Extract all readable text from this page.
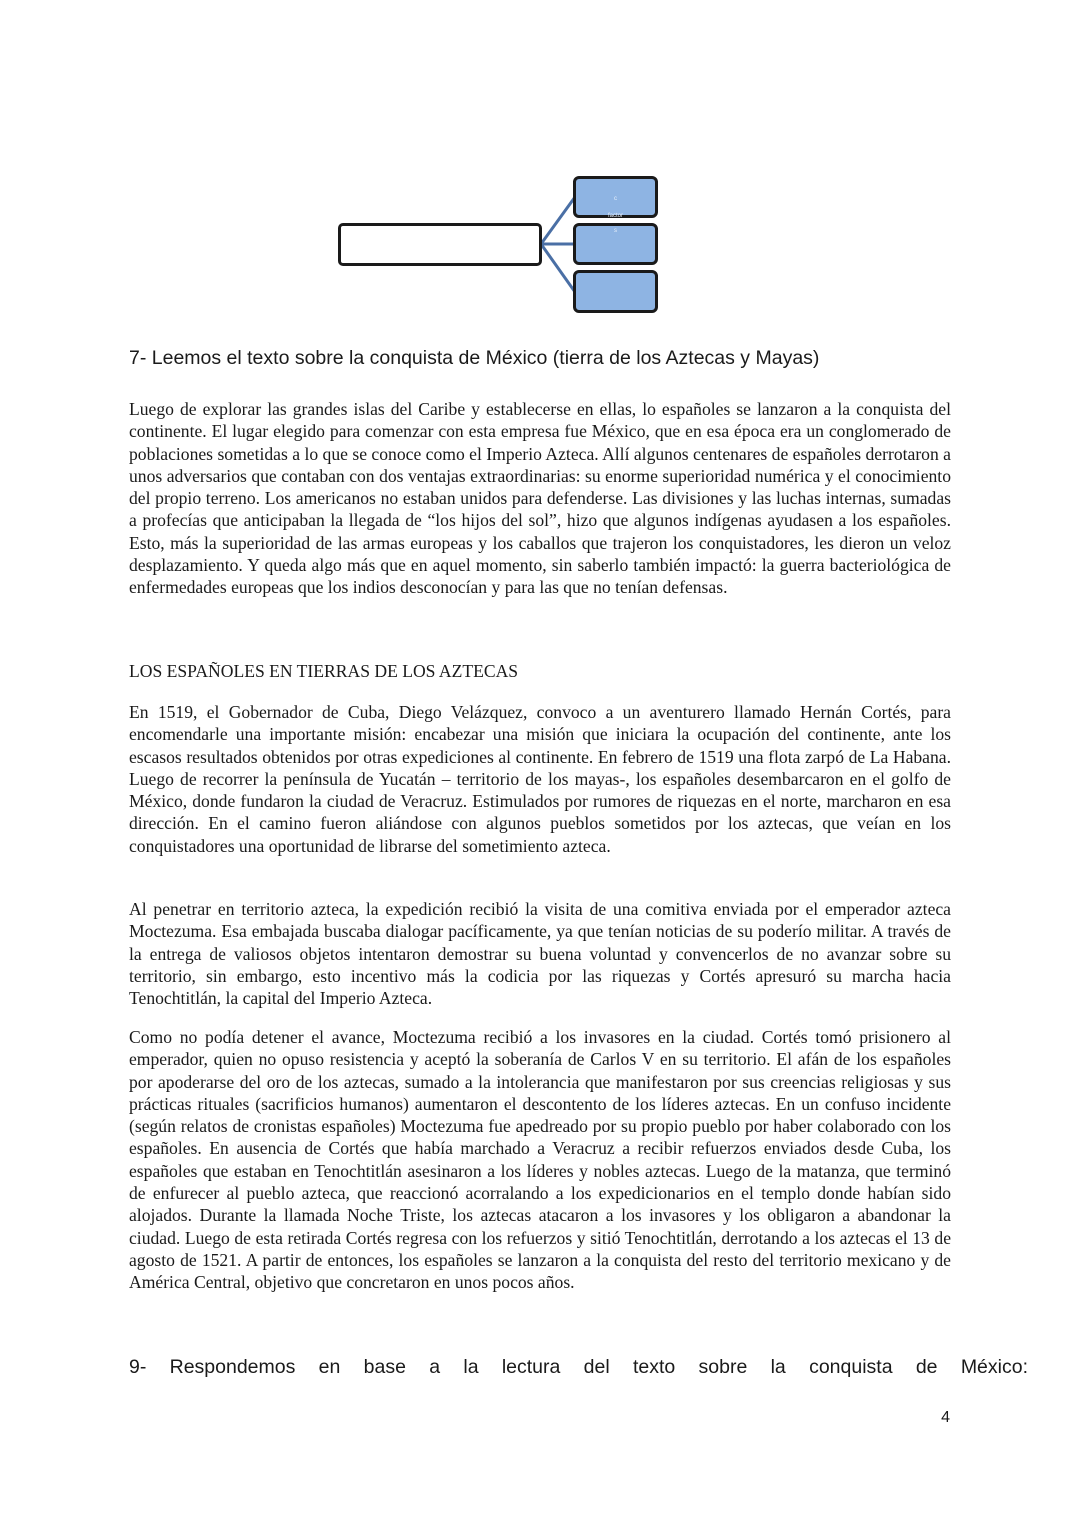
c
factor
s
7- Leemos el texto sobre la conquista de México (tierra de los Aztecas y Mayas)

Luego de explorar las grandes islas del Caribe y establecerse en ellas, lo españoles se lanzaron a la conquista del continente. El lugar elegido para comenzar con esta empresa fue México, que en esa época era un conglomerado de poblaciones sometidas a lo que se conoce como el Imperio Azteca. Allí algunos centenares de españoles derrotaron a unos adversarios que contaban con dos ventajas extraordinarias: su enorme superioridad numérica y el conocimiento del propio terreno. Los americanos no estaban unidos para defenderse. Las divisiones y las luchas internas, sumadas a profecías que anticipaban la llegada de “los hijos del sol”, hizo que algunos indígenas ayudasen a los españoles. Esto, más la superioridad de las armas europeas y los caballos que trajeron los conquistadores, les dieron un veloz desplazamiento. Y queda algo más que en aquel momento, sin saberlo también impactó: la guerra bacteriológica de enfermedades europeas que los indios desconocían y para las que no tenían defensas.

LOS ESPAÑOLES EN TIERRAS DE LOS AZTECAS

En 1519, el Gobernador de Cuba, Diego Velázquez, convoco a un aventurero llamado Hernán Cortés, para encomendarle una importante misión: encabezar una misión que iniciara la ocupación del continente, ante los escasos resultados obtenidos por otras expediciones al continente. En febrero de 1519 una flota zarpó de La Habana. Luego de recorrer la península de Yucatán – territorio de los mayas-, los españoles desembarcaron en el golfo de México, donde fundaron la ciudad de Veracruz. Estimulados por rumores de riquezas en el norte, marcharon en esa dirección. En el camino fueron aliándose con algunos pueblos sometidos por los aztecas, que veían en los conquistadores una oportunidad de librarse del sometimiento azteca.

Al penetrar en territorio azteca, la expedición recibió la visita de una comitiva enviada por el emperador azteca Moctezuma. Esa embajada buscaba dialogar pacíficamente, ya que tenían noticias de su poderío militar. A través de la entrega de valiosos objetos intentaron demostrar su buena voluntad y convencerlos de no avanzar sobre su territorio, sin embargo, esto incentivo más la codicia por las riquezas y Cortés apresuró su marcha hacia Tenochtitlán, la capital del Imperio Azteca.

Como no podía detener el avance, Moctezuma recibió a los invasores en la ciudad. Cortés tomó prisionero al emperador, quien no opuso resistencia y aceptó la soberanía de Carlos V en su territorio. El afán de los españoles por apoderarse del oro de los aztecas, sumado a la intolerancia que manifestaron por sus creencias religiosas y sus prácticas rituales (sacrificios humanos) aumentaron el descontento de los líderes aztecas. En un confuso incidente (según relatos de cronistas españoles) Moctezuma fue apedreado por su propio pueblo por haber colaborado con los españoles. En ausencia de Cortés que había marchado a Veracruz a recibir refuerzos enviados desde Cuba, los españoles que estaban en Tenochtitlán asesinaron a los líderes y nobles aztecas. Luego de la matanza, que terminó de enfurecer al pueblo azteca, que reaccionó acorralando a los expedicionarios en el templo donde habían sido alojados. Durante la llamada Noche Triste, los aztecas atacaron a los invasores y los obligaron a abandonar la ciudad. Luego de esta retirada Cortés regresa con los refuerzos y sitió Tenochtitlán, derrotando a los aztecas el 13 de agosto de 1521. A partir de entonces, los españoles se lanzaron a la conquista del resto del territorio mexicano y de América Central, objetivo que concretaron en unos pocos años.

9- Respondemos en base a la lectura del texto sobre la conquista de México:

4
